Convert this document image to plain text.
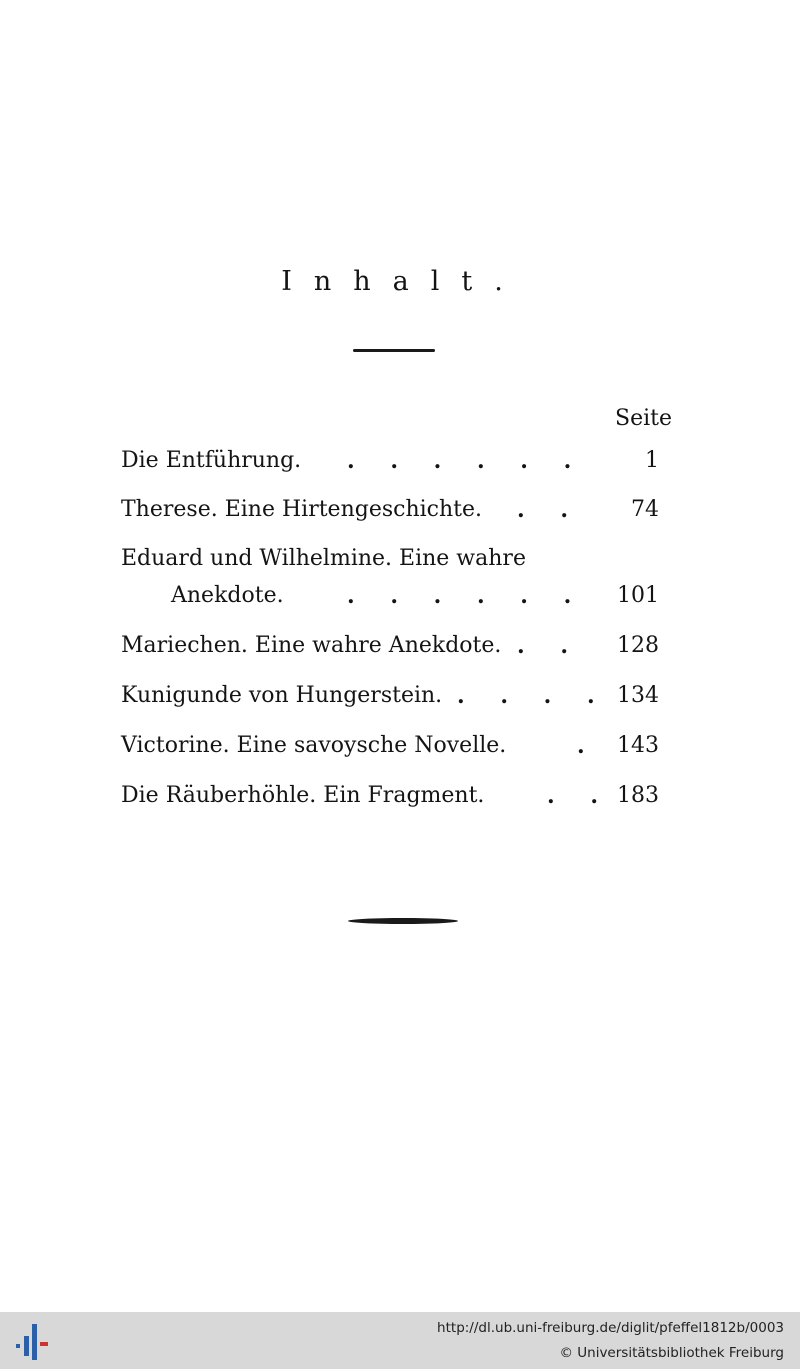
Inhalt.
Seite
Die Entführung. . . . . . .	1
Therese. Eine Hirtengeschichte. . .	74
Eduard und Wilhelmine. Eine wahre
Anekdote.	. . . . . .	101
Mariechen. Eine wahre Anekdote. . .	128
Kunigunde von Hungerstein. . . . . 134
Victorine. Eine savoysche Novelle.	. 143
Die Räuberhöhle. Ein Fragment.	. . 183
http://dl.ub.uni-freiburg.de/diglit/pfeffel1812b/0003
© Universitätsbibliothek Freiburg
